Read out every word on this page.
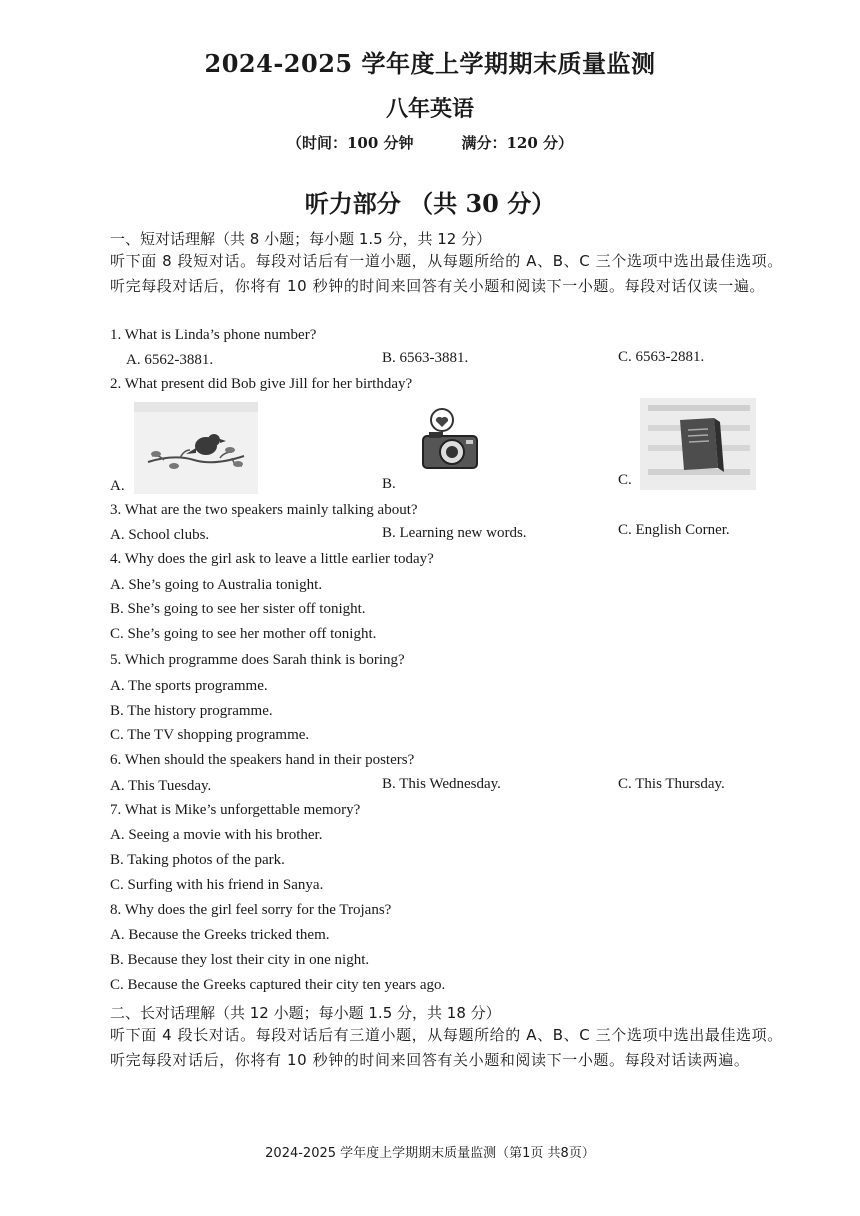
2024-2025 学年度上学期期末质量监测
八年英语
（时间：100 分钟	满分：120 分）
听力部分 （共 30 分）
一、短对话理解（共 8 小题；每小题 1.5 分，共 12 分）
听下面 8 段短对话。每段对话后有一道小题，从每题所给的 A、B、C 三个选项中选出最佳选项。听完每段对话后，你将有 10 秒钟的时间来回答有关小题和阅读下一小题。每段对话仅读一遍。
1. What is Linda’s phone number?
A. 6562-3881.	B. 6563-3881.	C. 6563-2881.
2. What present did Bob give Jill for her birthday?
A.	B.	C.
3. What are the two speakers mainly talking about?
A. School clubs.	B. Learning new words.	C. English Corner.
4. Why does the girl ask to leave a little earlier today?
A. She’s going to Australia tonight.
B. She’s going to see her sister off tonight.
C. She’s going to see her mother off tonight.
5. Which programme does Sarah think is boring?
A. The sports programme.
B. The history programme.
C. The TV shopping programme.
6. When should the speakers hand in their posters?
A. This Tuesday.	B. This Wednesday.	C. This Thursday.
7. What is Mike’s unforgettable memory?
A. Seeing a movie with his brother.
B. Taking photos of the park.
C. Surfing with his friend in Sanya.
8. Why does the girl feel sorry for the Trojans?
A. Because the Greeks tricked them.
B. Because they lost their city in one night.
C. Because the Greeks captured their city ten years ago.
二、长对话理解（共 12 小题；每小题 1.5 分，共 18 分）
听下面 4 段长对话。每段对话后有三道小题，从每题所给的 A、B、C 三个选项中选出最佳选项。听完每段对话后，你将有 10 秒钟的时间来回答有关小题和阅读下一小题。每段对话读两遍。
2024-2025 学年度上学期期末质量监测（第1页 共8页）
